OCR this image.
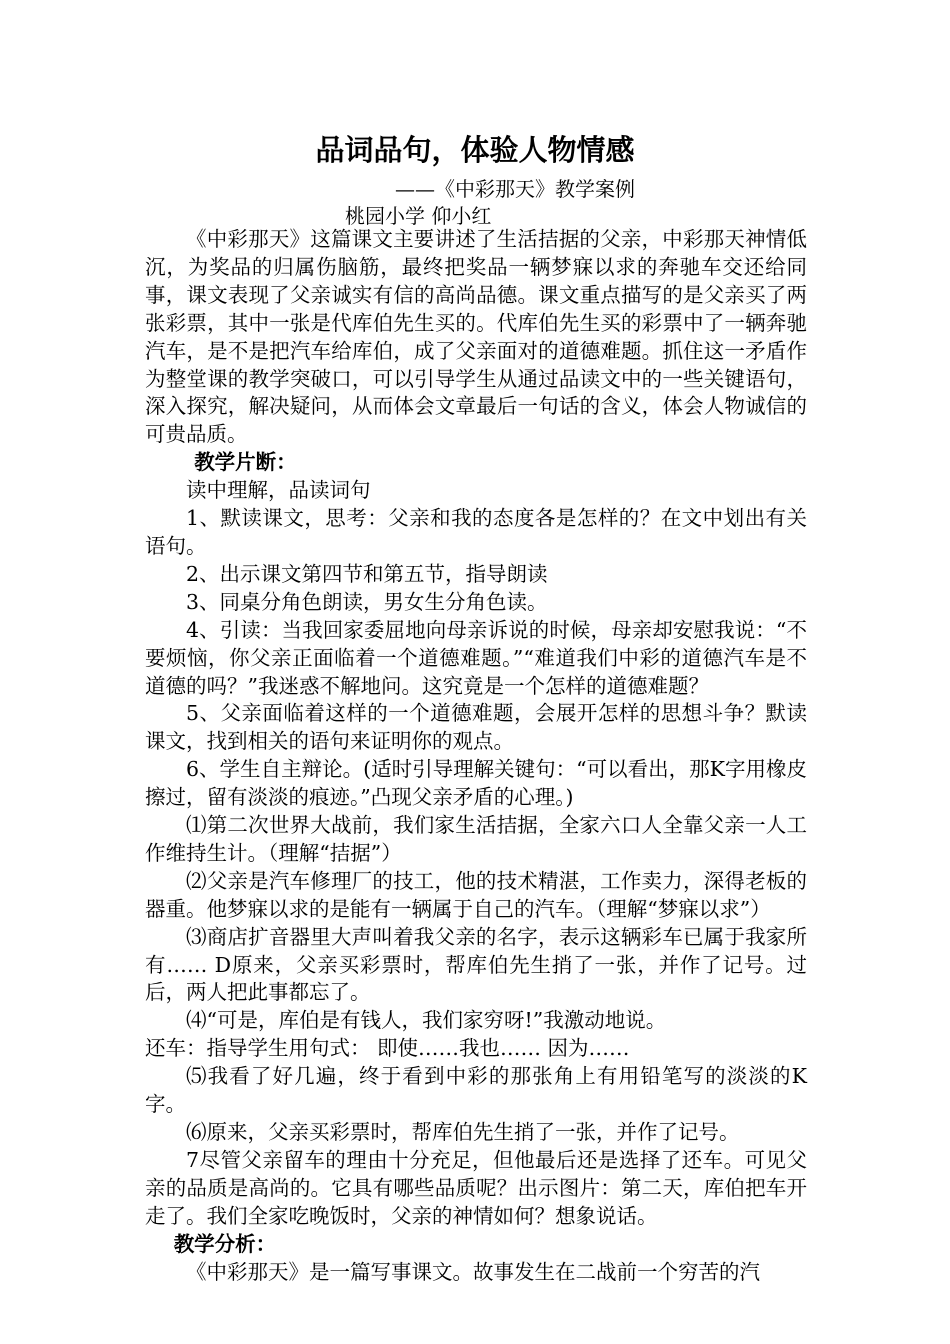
品词品句，体验人物情感
——《中彩那天》教学案例
桃园小学 仰小红

《中彩那天》这篇课文主要讲述了生活拮据的父亲，中彩那天神情低沉，为奖品的归属伤脑筋，最终把奖品一辆梦寐以求的奔驰车交还给同事，课文表现了父亲诚实有信的高尚品德。课文重点描写的是父亲买了两张彩票，其中一张是代库伯先生买的。代库伯先生买的彩票中了一辆奔驰汽车，是不是把汽车给库伯，成了父亲面对的道德难题。抓住这一矛盾作为整堂课的教学突破口，可以引导学生从通过品读文中的一些关键语句，深入探究，解决疑问，从而体会文章最后一句话的含义，体会人物诚信的可贵品质。

教学片断：

读中理解，品读词句

1、默读课文，思考：父亲和我的态度各是怎样的？在文中划出有关语句。

2、出示课文第四节和第五节，指导朗读

3、同桌分角色朗读，男女生分角色读。

4、引读：当我回家委屈地向母亲诉说的时候，母亲却安慰我说：“不要烦恼，你父亲正面临着一个道德难题。”“难道我们中彩的道德汽车是不道德的吗？”我迷惑不解地问。这究竟是一个怎样的道德难题？

5、父亲面临着这样的一个道德难题，会展开怎样的思想斗争？默读课文，找到相关的语句来证明你的观点。

6、学生自主辩论。(适时引导理解关键句：“可以看出，那K字用橡皮擦过，留有淡淡的痕迹。”凸现父亲矛盾的心理。)

⑴第二次世界大战前，我们家生活拮据，全家六口人全靠父亲一人工作维持生计。（理解“拮据”）

⑵父亲是汽车修理厂的技工，他的技术精湛，工作卖力，深得老板的器重。他梦寐以求的是能有一辆属于自己的汽车。（理解“梦寐以求”）

⑶商店扩音器里大声叫着我父亲的名字，表示这辆彩车已属于我家所有…… D原来，父亲买彩票时，帮库伯先生捎了一张，并作了记号。过后，两人把此事都忘了。

⑷“可是，库伯是有钱人，我们家穷呀!”我激动地说。

还车：指导学生用句式： 即使……我也…… 因为……

⑸我看了好几遍，终于看到中彩的那张角上有用铅笔写的淡淡的K字。

⑹原来，父亲买彩票时，帮库伯先生捎了一张，并作了记号。

7尽管父亲留车的理由十分充足，但他最后还是选择了还车。可见父亲的品质是高尚的。它具有哪些品质呢？出示图片：第二天，库伯把车开走了。我们全家吃晚饭时，父亲的神情如何？想象说话。

教学分析：

《中彩那天》是一篇写事课文。故事发生在二战前一个穷苦的汽
